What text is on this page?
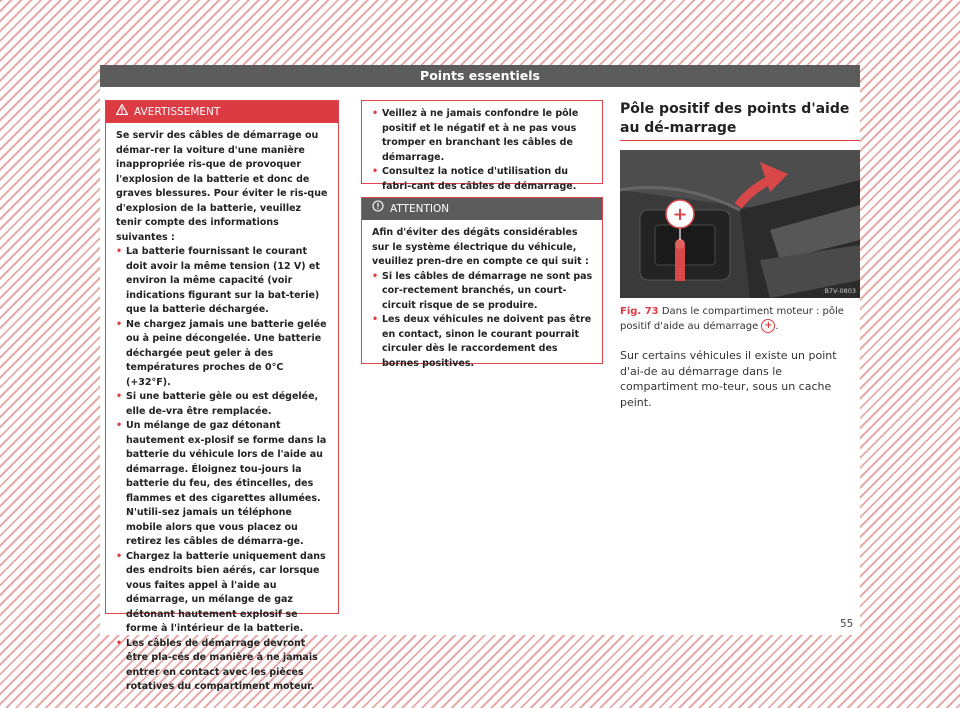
Points essentiels
AVERTISSEMENT

Se servir des câbles de démarrage ou démar-rer la voiture d'une manière inappropriée ris-que de provoquer l'explosion de la batterie et donc de graves blessures. Pour éviter le ris-que d'explosion de la batterie, veuillez tenir compte des informations suivantes :

• La batterie fournissant le courant doit avoir la même tension (12 V) et environ la même capacité (voir indications figurant sur la bat-terie) que la batterie déchargée.
• Ne chargez jamais une batterie gelée ou à peine décongelée. Une batterie déchargée peut geler à des températures proches de 0°C (+32°F).
• Si une batterie gèle ou est dégelée, elle de-vra être remplacée.
• Un mélange de gaz détonant hautement ex-plosif se forme dans la batterie du véhicule lors de l'aide au démarrage. Éloignez tou-jours la batterie du feu, des étincelles, des flammes et des cigarettes allumées. N'utili-sez jamais un téléphone mobile alors que vous placez ou retirez les câbles de démarra-ge.
• Chargez la batterie uniquement dans des endroits bien aérés, car lorsque vous faites appel à l'aide au démarrage, un mélange de gaz détonant hautement explosif se forme à l'intérieur de la batterie.
• Les câbles de démarrage devront être pla-cés de manière à ne jamais entrer en contact avec les pièces rotatives du compartiment moteur.
• Veillez à ne jamais confondre le pôle positif et le négatif et à ne pas vous tromper en branchant les câbles de démarrage.
• Consultez la notice d'utilisation du fabri-cant des câbles de démarrage.
ATTENTION

Afin d'éviter des dégâts considérables sur le système électrique du véhicule, veuillez pren-dre en compte ce qui suit :

• Si les câbles de démarrage ne sont pas cor-rectement branchés, un court-circuit risque de se produire.
• Les deux véhicules ne doivent pas être en contact, sinon le courant pourrait circuler dès le raccordement des bornes positives.
Pôle positif des points d'aide au dé-marrage
+
B7V-0803
Fig. 73 Dans le compartiment moteur : pôle positif d'aide au démarrage + .
Sur certains véhicules il existe un point d'ai-de au démarrage dans le compartiment mo-teur, sous un cache peint.
55
